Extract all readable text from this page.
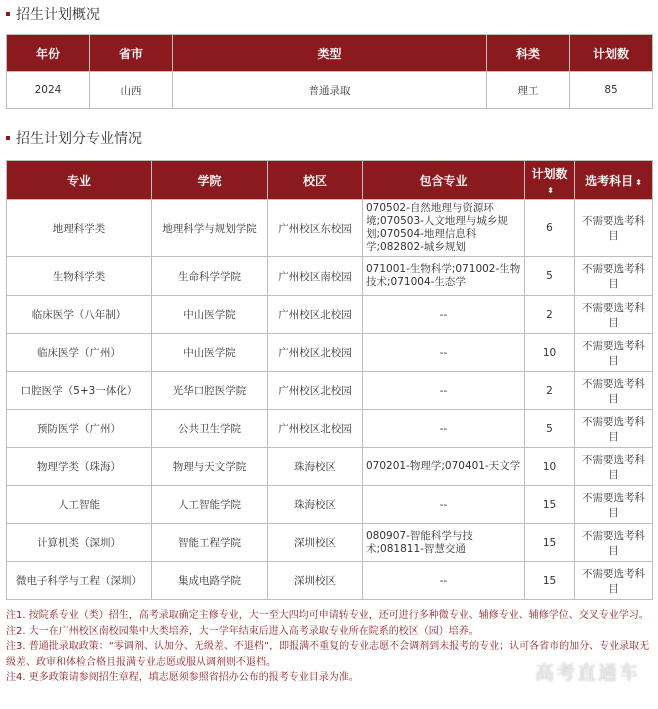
招生计划概况
年份	省市	类型	科类	计划数
2024	山西	普通录取	理工	85
招生计划分专业情况
专业	学院	校区	包含专业	计划数⬍	选考科目 ⬍
地理科学类	地理科学与规划学院	广州校区东校园	070502-自然地理与资源环境;070503-人文地理与城乡规划;070504-地理信息科学;082802-城乡规划	6	不需要选考科目
生物科学类	生命科学学院	广州校区南校园	071001-生物科学;071002-生物技术;071004-生态学	5	不需要选考科目
临床医学（八年制）	中山医学院	广州校区北校园	--	2	不需要选考科目
临床医学（广州）	中山医学院	广州校区北校园	--	10	不需要选考科目
口腔医学（5+3一体化）	光华口腔医学院	广州校区北校园	--	2	不需要选考科目
预防医学（广州）	公共卫生学院	广州校区北校园	--	5	不需要选考科目
物理学类（珠海）	物理与天文学院	珠海校区	070201-物理学;070401-天文学	10	不需要选考科目
人工智能	人工智能学院	珠海校区	--	15	不需要选考科目
计算机类（深圳）	智能工程学院	深圳校区	080907-智能科学与技术;081811-智慧交通	15	不需要选考科目
微电子科学与工程（深圳）	集成电路学院	深圳校区	--	15	不需要选考科目
注1. 按院系专业（类）招生，高考录取确定主修专业，大一至大四均可申请转专业，还可进行多种微专业、辅修专业、辅修学位、交叉专业学习。
注2. 大一在广州校区南校园集中大类培养，大一学年结束后进入高考录取专业所在院系的校区（园）培养。
注3. 普通批录取政策：“零调剂、认加分、无级差、不退档”，即报满不重复的专业志愿不会调剂到未报考的专业；认可各省市的加分、专业录取无级差、政审和体检合格且报满专业志愿或服从调剂则不退档。
注4. 更多政策请参阅招生章程，填志愿须参照省招办公布的报考专业目录为准。	高考直通车
